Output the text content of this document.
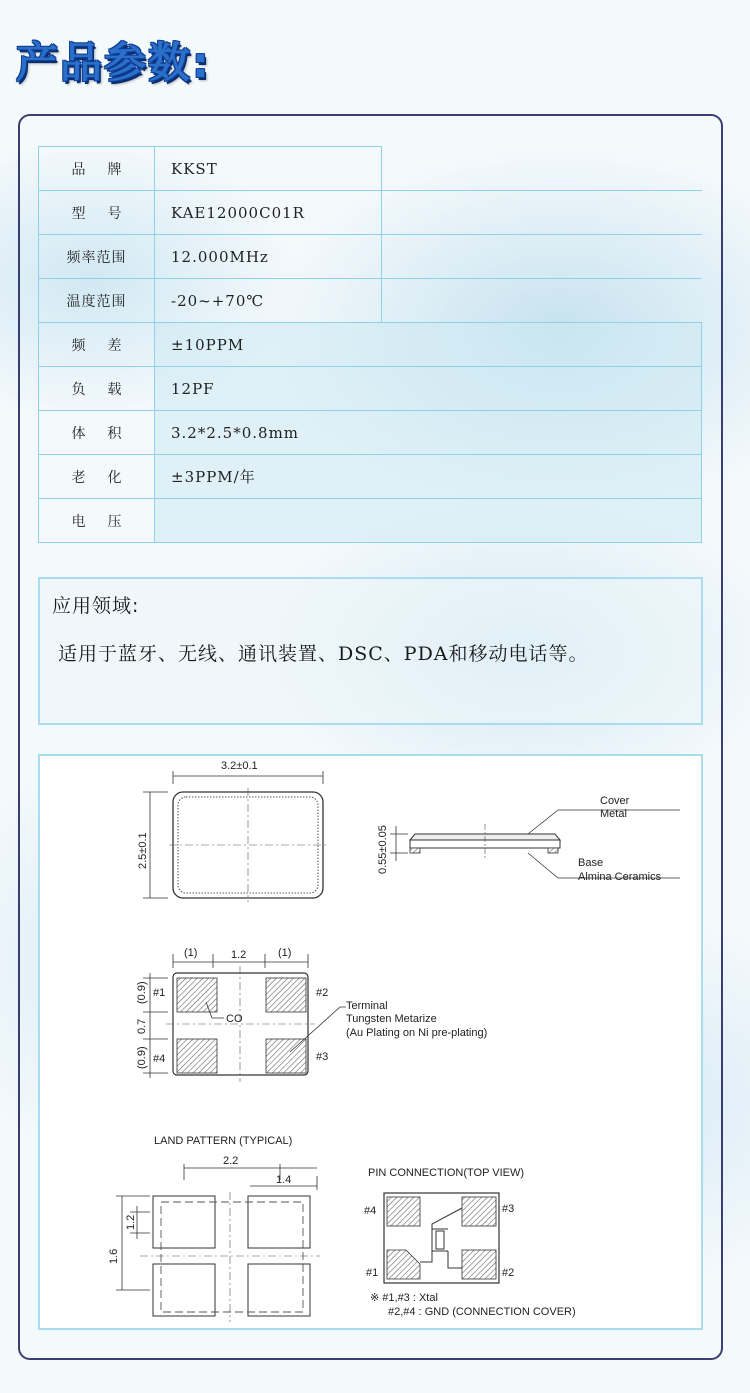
产品参数:
品牌	KKST	
型号	KAE12000C01R	
频率范围	12.000MHz	
温度范围	-20~+70℃	
频差	±10PPM	
负载	12PF	
体积	3.2*2.5*0.8mm	
老化	±3PPM/年	
电压		
应用领域:
适用于蓝牙、无线、通讯装置、DSC、PDA和移动电话等。
3.2±0.1
2.5±0.1	0.55±0.05
Cover
Metal
Base
Almina Ceramics
(1)	1.2	(1)
(0.9)
0.7
(0.9)
#1	#2
#3
#4
CO
Terminal
Tungsten Metarize
(Au Plating on Ni pre-plating)
LAND PATTERN (TYPICAL)
2.2
1.4
1.2
1.6
PIN CONNECTION(TOP VIEW)
#4	#3
#1	#2
※ #1,#3 : Xtal
#2,#4 : GND (CONNECTION COVER)
